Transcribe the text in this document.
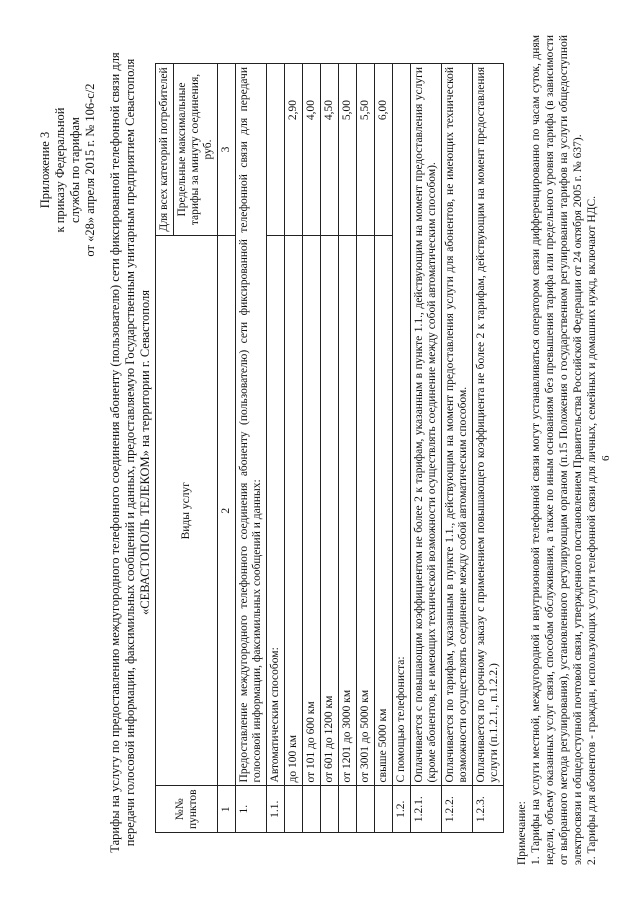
Приложение 3 к приказу Федеральной службы по тарифам от «28» апреля 2015 г. № 106-с/2 Тарифы на услугу по предоставлению междугородного телефонного соединения абоненту (пользователю) сети фиксированной телефонной связи для передачи голосовой информации, факсимильных сообщений и данных, предоставляемую Государственным унитарным предприятием Севастополя «СЕВАСТОПОЛЬ ТЕЛЕКОМ» на территории г. Севастополя
№№ пунктов	Виды услуг	Для всех категорий потребителей
		Предельные максимальные тарифы за минуту соединения, руб.
1	2	3
1.	Предоставление междугородного телефонного соединения абоненту (пользователю) сети фиксированной телефонной связи для передачи голосовой информации, факсимильных сообщений и данных:	
1.1.	Автоматическим способом:	
	до 100 км	2,90
	от 101 до 600 км	4,00
	от 601 до 1200 км	4,50
	от 1201 до 3000 км	5,00
	от 3001 до 5000 км	5,50
	свыше 5000 км	6,00
1.2.	С помощью телефониста:	
1.2.1.	Оплачивается с повышающим коэффициентом не более 2 к тарифам, указанным в пункте 1.1., действующим на момент предоставления услуги (кроме абонентов, не имеющих технической возможности осуществлять соединение между собой автоматическим способом).	
1.2.2.	Оплачивается по тарифам, указанным в пункте 1.1., действующим на момент предоставления услуги для абонентов, не имеющих технической возможности осуществлять соединение между собой автоматическим способом.	
1.2.3.	Оплачивается по срочному заказу с применением повышающего коэффициента не более 2 к тарифам, действующим на момент предоставления услуги (п.1.2.1., п.1.2.2.)	

Примечание: 1. Тарифы на услуги местной, междугородной и внутризоновой телефонной связи могут устанавливаться оператором связи дифференцированно по часам суток, дням недели, объему оказанных услуг связи, способам обслуживания, а также по иным основаниям без превышения тарифа или предельного уровня тарифа (в зависимости от выбранного метода регулирования), установленного регулирующим органом (п.15 Положения о государственном регулировании тарифов на услуги общедоступной электросвязи и общедоступной почтовой связи, утвержденного постановлением Правительства Российской Федерации от 24 октября 2005 г. № 637). 2. Тарифы для абонентов - граждан, использующих услуги телефонной связи для личных, семейных и домашних нужд, включают НДС. 6
